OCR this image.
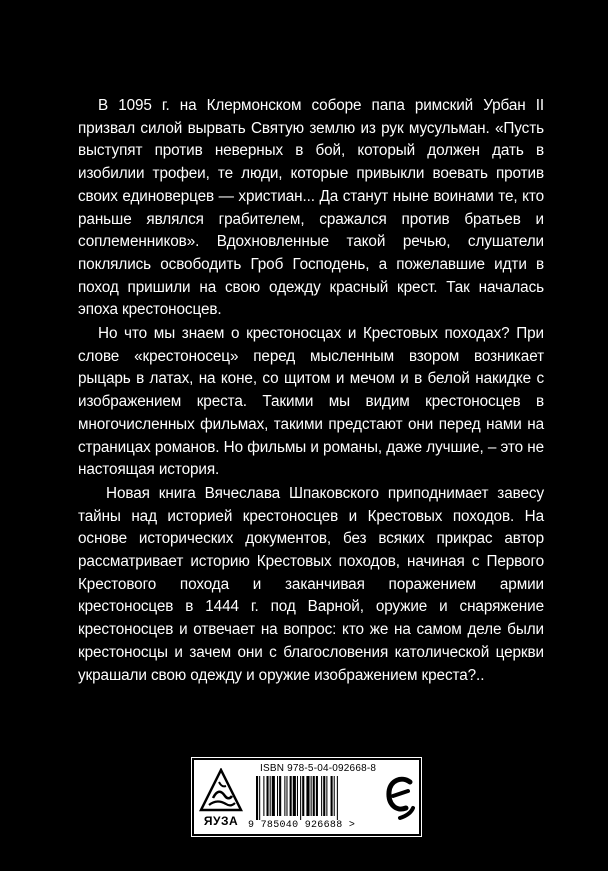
В 1095 г. на Клермонском соборе папа римский Урбан II призвал силой вырвать Святую землю из рук мусульман. «Пусть выступят против неверных в бой, который должен дать в изобилии трофеи, те люди, которые привыкли воевать против своих единоверцев — христиан... Да станут ныне воинами те, кто раньше являлся грабителем, сражался против братьев и соплеменников». Вдохновленные такой речью, слушатели поклялись освободить Гроб Господень, а пожелавшие идти в поход пришили на свою одежду красный крест. Так началась эпоха крестоносцев.

Но что мы знаем о крестоносцах и Крестовых походах? При слове «крестоносец» перед мысленным взором возникает рыцарь в латах, на коне, со щитом и мечом и в белой накидке с изображением креста. Такими мы видим крестоносцев в многочисленных фильмах, такими предстают они перед нами на страницах романов. Но фильмы и романы, даже лучшие, – это не настоящая история.

Новая книга Вячеслава Шпаковского приподнимает завесу тайны над историей крестоносцев и Крестовых походов. На основе исторических документов, без всяких прикрас автор рассматривает историю Крестовых походов, начиная с Первого Крестового похода и заканчивая поражением армии крестоносцев в 1444 г. под Варной, оружие и снаряжение крестоносцев и отвечает на вопрос: кто же на самом деле были крестоносцы и зачем они с благословения католической церкви украшали свою одежду и оружие изображением креста?..

ЯУЗА
ISBN 978-5-04-092668-8
9 785040 926688 >
